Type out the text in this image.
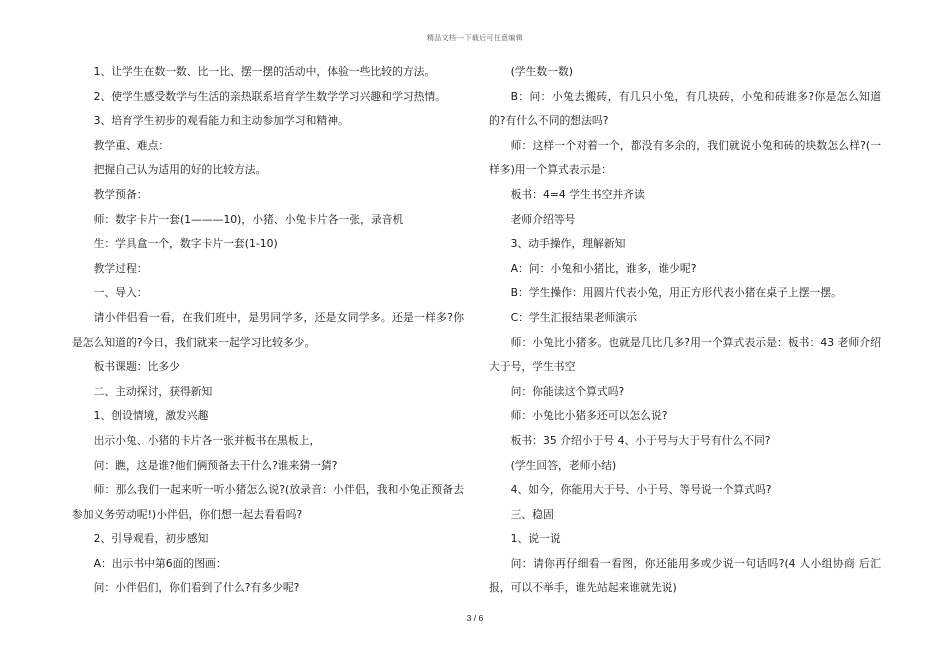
精品文档---下载后可任意编辑

1、让学生在数一数、比一比、摆一摆的活动中，体验一些比较的方法。

2、使学生感受数学与生活的亲热联系培育学生数学学习兴趣和学习热情。

3、培育学生初步的观看能力和主动参加学习和精神。

教学重、难点：

把握自己认为适用的好的比较方法。

教学预备：

师：数字卡片一套(1———10)，小猪、小兔卡片各一张，录音机

生：学具盒一个，数字卡片一套(1-10)

教学过程：

一、导入：

请小伴侣看一看，在我们班中，是男同学多，还是女同学多。还是一样多?你是怎么知道的?今日，我们就来一起学习比较多少。

板书课题：比多少

二、主动探讨，获得新知

1、创设情境，激发兴趣

出示小兔、小猪的卡片各一张并板书在黑板上，

问：瞧，这是谁?他们俩预备去干什么?谁来猜一猜?

师：那么我们一起来听一听小猪怎么说?(放录音：小伴侣，我和小兔正预备去参加义务劳动呢!)小伴侣，你们想一起去看看吗?

2、引导观看，初步感知

A：出示书中第6面的图画：

问：小伴侣们，你们看到了什么?有多少呢?

(学生数一数)

B：问：小兔去搬砖，有几只小兔，有几块砖，小兔和砖谁多?你是怎么知道的?有什么不同的想法吗?

师：这样一个对着一个，都没有多余的，我们就说小兔和砖的块数怎么样?(一样多)用一个算式表示是：

板书：4=4 学生书空并齐读

老师介绍等号

3、动手操作，理解新知

A：问：小兔和小猪比，谁多，谁少呢?

B：学生操作：用圆片代表小兔，用正方形代表小猪在桌子上摆一摆。

C：学生汇报结果老师演示

师：小兔比小猪多。也就是几比几多?用一个算式表示是：板书：43 老师介绍大于号，学生书空

问：你能读这个算式吗?

师：小兔比小猪多还可以怎么说?

板书：35 介绍小于号 4、小于号与大于号有什么不同?

(学生回答，老师小结)

4、如今，你能用大于号、小于号、等号说一个算式吗?

三、稳固

1、说一说

问：请你再仔细看一看图，你还能用多或少说一句话吗?(4 人小组协商 后汇报，可以不举手，谁先站起来谁就先说)

3 / 6
